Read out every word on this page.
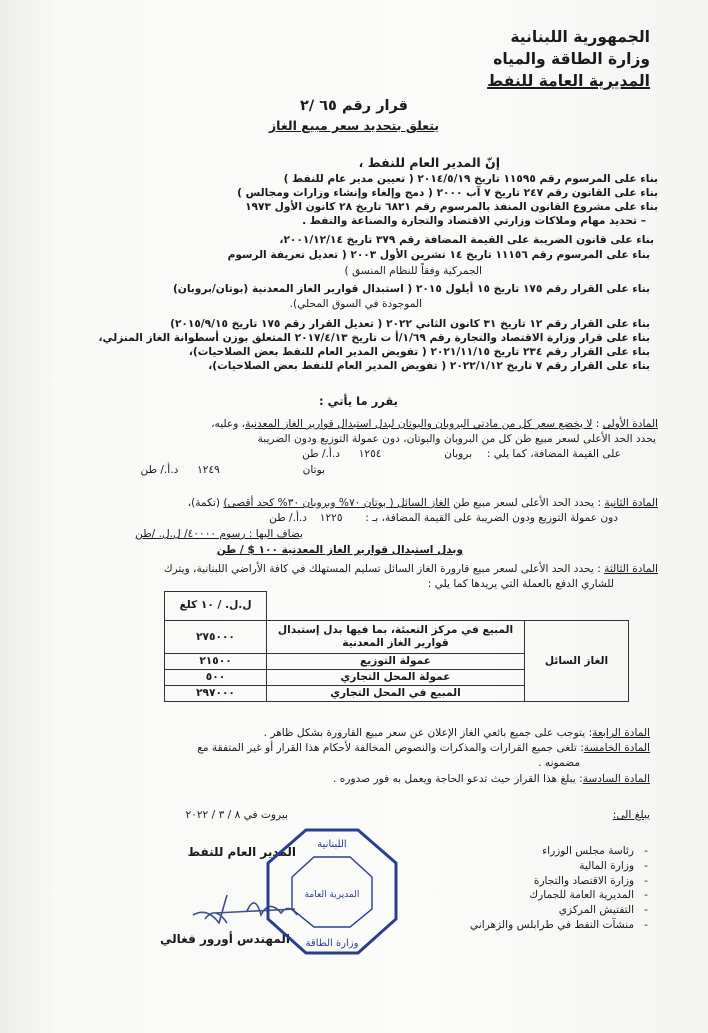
الجمهورية اللبنانية
وزارة الطاقة والمياه
المديرية العامة للنفط
قرار رقم ٦٥ /٢
يتعلق بتحديد سعر مبيع الغاز
إنّ المدير العام للنفط ،
بناء على المرسوم رقم ١١٥٩٥ تاريخ ٢٠١٤/٥/١٩ ( تعيين مدير عام للنفط )
بناء على القانون رقم ٢٤٧ تاريخ ٧ آب ٢٠٠٠ ( دمج وإلغاء وإنشاء وزارات ومجالس )
بناء على مشروع القانون المنفذ بالمرسوم رقم ٦٨٢١ تاريخ ٢٨ كانون الأول ١٩٧٣
– تحديد مهام وملاكات وزارتي الاقتصاد والتجارة والصناعة والنفط .
بناء على قانون الضريبة على القيمة المضافة رقم ٣٧٩ تاريخ ٢٠٠١/١٢/١٤،
بناء على المرسوم رقم ١١١٥٦ تاريخ ١٤ تشرين الأول ٢٠٠٣ ( تعديل تعريفة الرسوم
الجمركية وفقاً للنظام المنسق )
بناء على القرار رقم ١٧٥ تاريخ ١٥ أيلول ٢٠١٥ ( استبدال قوارير الغاز المعدنية (بوتان/بروبان)
الموجودة في السوق المحلي).
بناء على القرار رقم ١٢ تاريخ ٣١ كانون الثاني ٢٠٢٢ ( تعديل القرار رقم ١٧٥ تاريخ ٢٠١٥/٩/١٥)
بناء على قرار وزارة الاقتصاد والتجارة رقم ١/٦٩/أ ت تاريخ ٢٠١٧/٤/١٣ المتعلق بوزن أسطوانة الغاز المنزلي،
بناء على القرار رقم ٢٣٤ تاريخ ٢٠٢١/١١/١٥ ( تفويض المدير العام للنفط بعض الصلاحيات)،
بناء على القرار رقم ٧ تاريخ ٢٠٢٢/١/١٢ ( تفويض المدير العام للنفط بعض الصلاحيات)،
يقرر ما يأتي :
المادة الأولى : لا يخضع سعر كل من مادتي البروبان والبوتان لبدل استبدال قوارير الغاز المعدنية، وعليه،
يحدد الحد الأعلى لسعر مبيع طن كل من البروبان والبوتان، دون عمولة التوزيع ودون الضريبة
على القيمة المضافة، كما يلي :  بروبان  ١٢٥٤  د.أ./ طن
بوتان  ١٢٤٩  د.أ./ طن
المادة الثانية : يحدد الحد الأعلى لسعر مبيع طن الغاز السائل ( بوتان ٧٠% وبروبان ٣٠% كحد أقصى) (تكمة)،
دون عمولة التوزيع ودون الضريبة على القيمة المضافة، بـ :  ١٢٢٥  د.أ./ طن
يضاف اليها : رسوم ٤٠٠٠٠/ ل.ل. /طن
وبدل استبدال قوارير الغاز المعدنية ١٠٠ $ / طن
المادة الثالثة : يحدد الحد الأعلى لسعر مبيع قارورة الغاز السائل تسليم المستهلك في كافة الأراضي اللبنانية، ويترك
للشاري الدفع بالعملة التي يريدها كما يلي :
ل.ل. / ١٠ كلغ
الغاز السائل	المبيع في مركز التعبئة، بما فيها بدل إستبدال قوارير الغاز المعدنية	٢٧٥٠٠٠
	عمولة التوزيع	٢١٥٠٠
	عمولة المحل التجاري	٥٠٠
	المبيع في المحل التجاري	٢٩٧٠٠٠
المادة الرابعة: يتوجب على جميع بائعي الغاز الإعلان عن سعر مبيع القارورة بشكل ظاهر .
المادة الخامسة: تلغى جميع القرارات والمذكرات والنصوص المخالفة لأحكام هذا القرار أو غير المتفقة مع
مضمونه .
المادة السادسة: يبلغ هذا القرار حيث تدعو الحاجة ويعمل به فور صدوره .
بيروت في ٨ / ٣ / ٢٠٢٢	يبلغ الى:
المدير العام للنفط
المهندس أورور فغالي
اللبنانية
وزارة الطاقة
المديرية العامة
-   رئاسة مجلس الوزراء
-   وزارة المالية
-   وزارة الاقتصاد والتجارة
-   المديرية العامة للجمارك
-   التفتيش المركزي
-   منشآت النفط في طرابلس والزهراني
